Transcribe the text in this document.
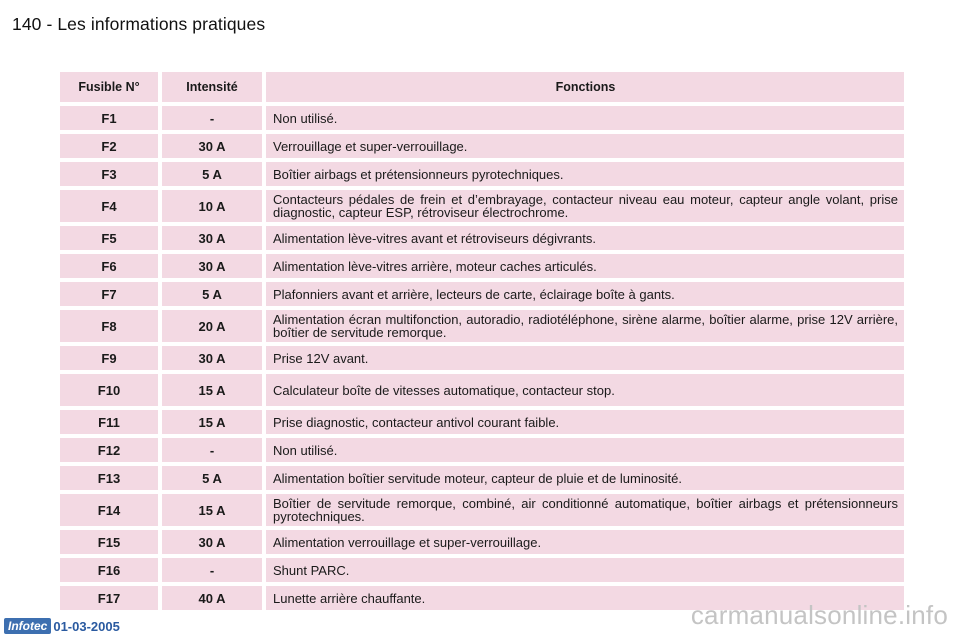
140 - Les informations pratiques
Fusible N°	Intensité	Fonctions
F1	-	Non utilisé.
F2	30 A	Verrouillage et super-verrouillage.
F3	5 A	Boîtier airbags et prétensionneurs pyrotechniques.
F4	10 A	Contacteurs pédales de frein et d’embrayage, contacteur niveau eau moteur, capteur angle volant, prise diagnostic, capteur ESP, rétroviseur électrochrome.
F5	30 A	Alimentation lève-vitres avant et rétroviseurs dégivrants.
F6	30 A	Alimentation lève-vitres arrière, moteur caches articulés.
F7	5 A	Plafonniers avant et arrière, lecteurs de carte, éclairage boîte à gants.
F8	20 A	Alimentation écran multifonction, autoradio, radiotéléphone, sirène alarme, boîtier alarme, prise 12V arrière, boîtier de servitude remorque.
F9	30 A	Prise 12V avant.
F10	15 A	Calculateur boîte de vitesses automatique, contacteur stop.
F11	15 A	Prise diagnostic, contacteur antivol courant faible.
F12	-	Non utilisé.
F13	5 A	Alimentation boîtier servitude moteur, capteur de pluie et de luminosité.
F14	15 A	Boîtier de servitude remorque, combiné, air conditionné automatique, boîtier airbags et prétensionneurs pyrotechniques.
F15	30 A	Alimentation verrouillage et super-verrouillage.
F16	-	Shunt PARC.
F17	40 A	Lunette arrière chauffante.
Infotec 01-03-2005	carmanualsonline.info
